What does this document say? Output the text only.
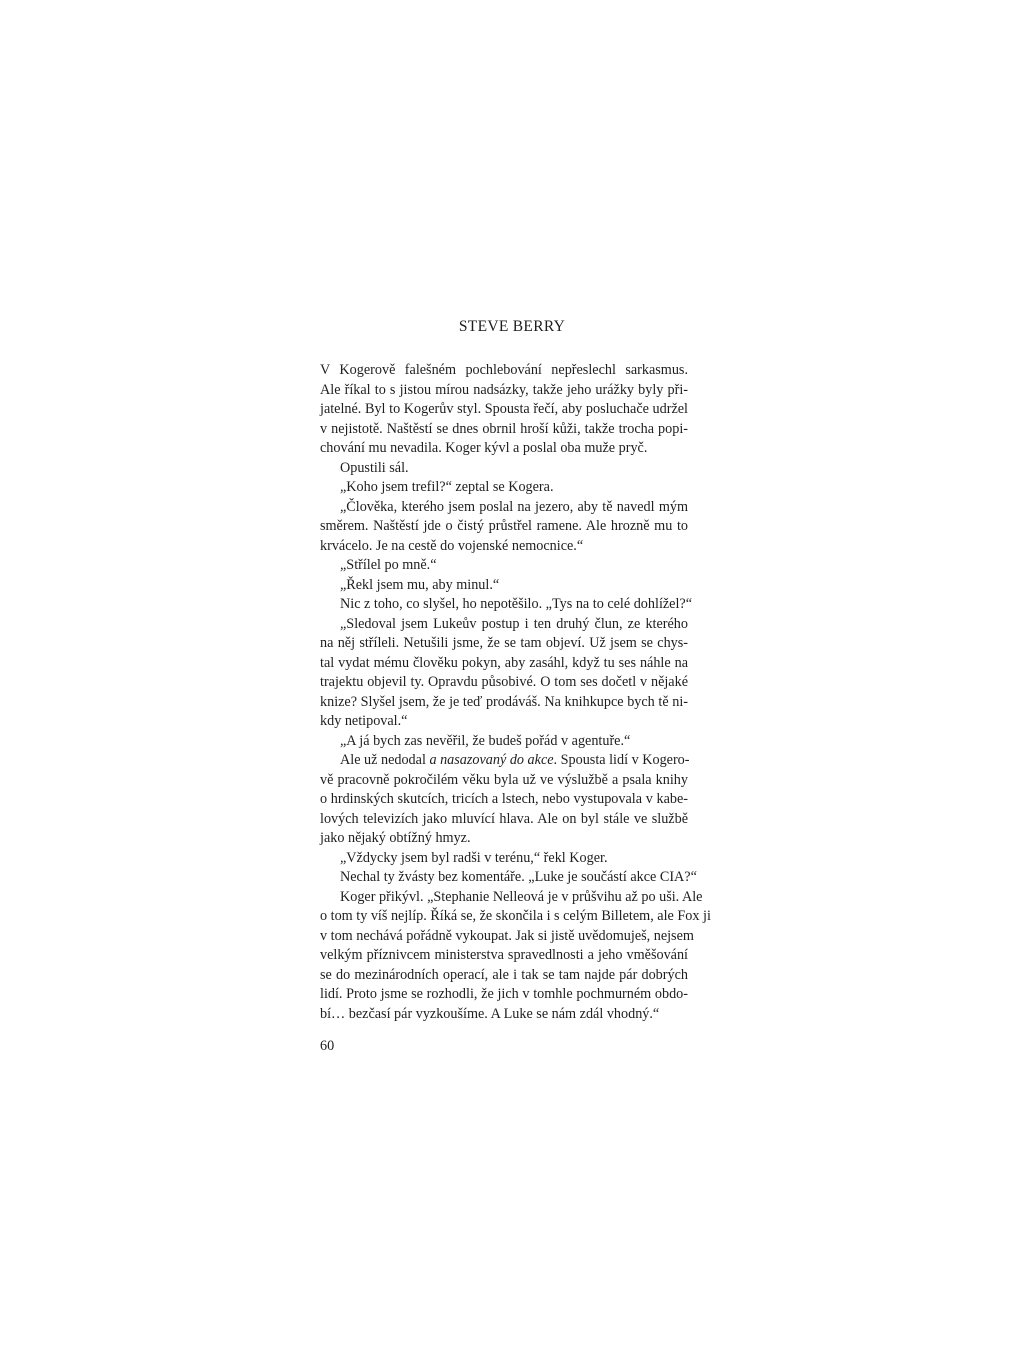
STEVE BERRY
V Kogerově falešném pochlebování nepřeslechl sarkasmus.
Ale říkal to s jistou mírou nadsázky, takže jeho urážky byly při-
jatelné. Byl to Kogerův styl. Spousta řečí, aby posluchače udržel
v nejistotě. Naštěstí se dnes obrnil hroší kůži, takže trocha popi-
chování mu nevadila. Koger kývl a poslal oba muže pryč.
Opustili sál.
„Koho jsem trefil?“ zeptal se Kogera.
„Člověka, kterého jsem poslal na jezero, aby tě navedl mým
směrem. Naštěstí jde o čistý průstřel ramene. Ale hrozně mu to
krvácelo. Je na cestě do vojenské nemocnice.“
„Střílel po mně.“
„Řekl jsem mu, aby minul.“
Nic z toho, co slyšel, ho nepotěšilo. „Tys na to celé dohlížel?“
„Sledoval jsem Lukeův postup i ten druhý člun, ze kterého
na něj stříleli. Netušili jsme, že se tam objeví. Už jsem se chys-
tal vydat mému člověku pokyn, aby zasáhl, když tu ses náhle na
trajektu objevil ty. Opravdu působivé. O tom ses dočetl v nějaké
knize? Slyšel jsem, že je teď prodáváš. Na knihkupce bych tě ni-
kdy netipoval.“
„A já bych zas nevěřil, že budeš pořád v agentuře.“
Ale už nedodal a nasazovaný do akce. Spousta lidí v Kogero-
vě pracovně pokročilém věku byla už ve výslužbě a psala knihy
o hrdinských skutcích, tricích a lstech, nebo vystupovala v kabe-
lových televizích jako mluvící hlava. Ale on byl stále ve službě
jako nějaký obtížný hmyz.
„Vždycky jsem byl radši v terénu,“ řekl Koger.
Nechal ty žvásty bez komentáře. „Luke je součástí akce CIA?“
Koger přikývl. „Stephanie Nelleová je v průšvihu až po uši. Ale
o tom ty víš nejlíp. Říká se, že skončila i s celým Billetem, ale Fox ji
v tom nechává pořádně vykoupat. Jak si jistě uvědomuješ, nejsem
velkým příznivcem ministerstva spravedlnosti a jeho vměšování
se do mezinárodních operací, ale i tak se tam najde pár dobrých
lidí. Proto jsme se rozhodli, že jich v tomhle pochmurném obdo-
bí… bezčasí pár vyzkoušíme. A Luke se nám zdál vhodný.“
60
